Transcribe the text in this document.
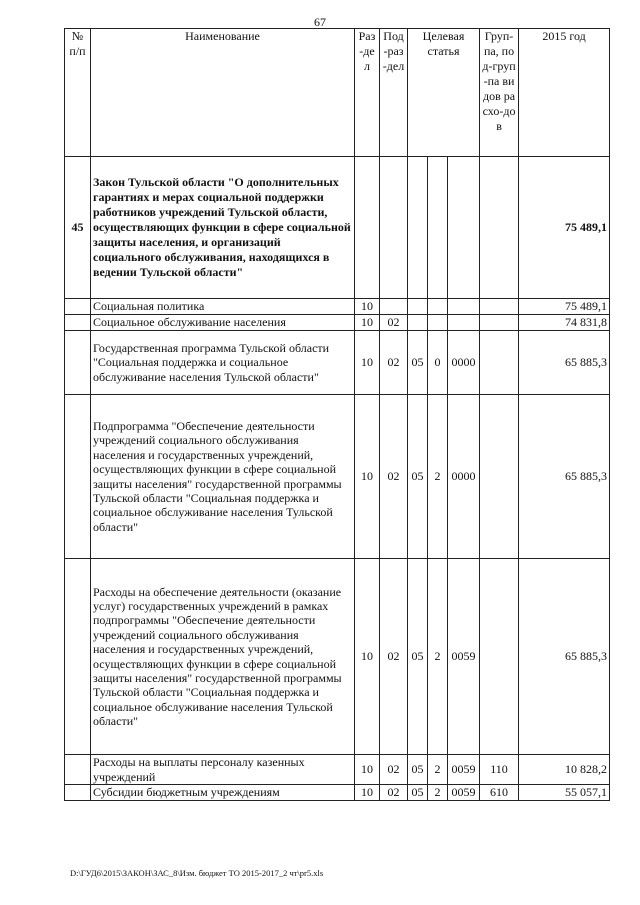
67
№ п/п	Наименование	Раз-дел	Под-раз-дел	Целевая статья			Груп-па, под-груп-па видов расхо-дов	2015 год
45	Закон Тульской области "О дополнительных гарантиях и мерах социальной поддержки работников учреждений Тульской области, осуществляющих функции в сфере социальной защиты населения, и организаций социального обслуживания, находящихся в ведении Тульской области"							75 489,1
	Социальная политика	10						75 489,1
	Социальное обслуживание населения	10	02					74 831,8
	Государственная программа Тульской области "Социальная поддержка и социальное обслуживание населения Тульской области"	10	02	05	0	0000		65 885,3
	Подпрограмма "Обеспечение деятельности учреждений социального обслуживания населения и государственных учреждений, осуществляющих функции в сфере социальной защиты населения" государственной программы Тульской области "Социальная поддержка и социальное обслуживание населения Тульской области"	10	02	05	2	0000		65 885,3
	Расходы на обеспечение деятельности (оказание услуг) государственных учреждений в рамках подпрограммы "Обеспечение деятельности учреждений социального обслуживания населения и государственных учреждений, осуществляющих функции в сфере социальной защиты населения" государственной программы Тульской области "Социальная поддержка и социальное обслуживание населения Тульской области"	10	02	05	2	0059		65 885,3
	Расходы на выплаты персоналу казенных учреждений	10	02	05	2	0059	110	10 828,2
	Субсидии бюджетным учреждениям	10	02	05	2	0059	610	55 057,1
D:\ГУД6\2015\ЗАКОН\ЗАС_8\Изм. бюджет ТО 2015-2017_2 чт\pr5.xls
